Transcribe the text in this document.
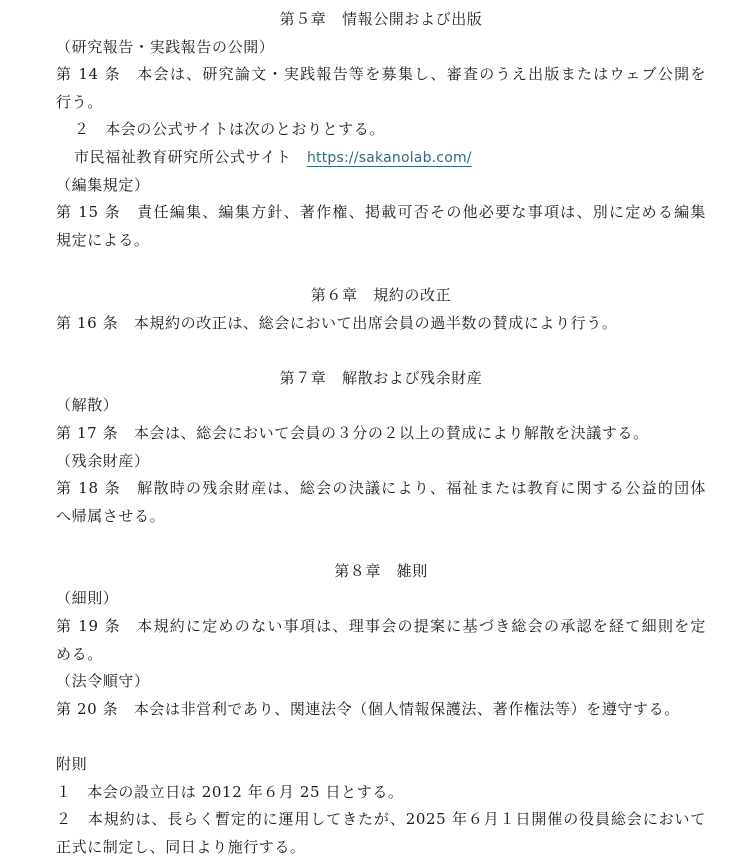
第５章　情報公開および出版
（研究報告・実践報告の公開）
第 14 条　本会は、研究論文・実践報告等を募集し、審査のうえ出版またはウェブ公開を
行う。
２　本会の公式サイトは次のとおりとする。
市民福祉教育研究所公式サイト　 https://sakanolab.com/
（編集規定）
第 15 条　責任編集、編集方針、著作権、掲載可否その他必要な事項は、別に定める編集
規定による。
第６章　規約の改正
第 16 条　本規約の改正は、総会において出席会員の過半数の賛成により行う。
第７章　解散および残余財産
（解散）
第 17 条　本会は、総会において会員の３分の２以上の賛成により解散を決議する。
（残余財産）
第 18 条　解散時の残余財産は、総会の決議により、福祉または教育に関する公益的団体
へ帰属させる。
第８章　雑則
（細則）
第 19 条　本規約に定めのない事項は、理事会の提案に基づき総会の承認を経て細則を定
める。
（法令順守）
第 20 条　本会は非営利であり、関連法令（個人情報保護法、著作権法等）を遵守する。
附則
１　本会の設立日は 2012 年６月 25 日とする。
２　本規約は、長らく暫定的に運用してきたが、2025 年６月１日開催の役員総会において
正式に制定し、同日より施行する。
